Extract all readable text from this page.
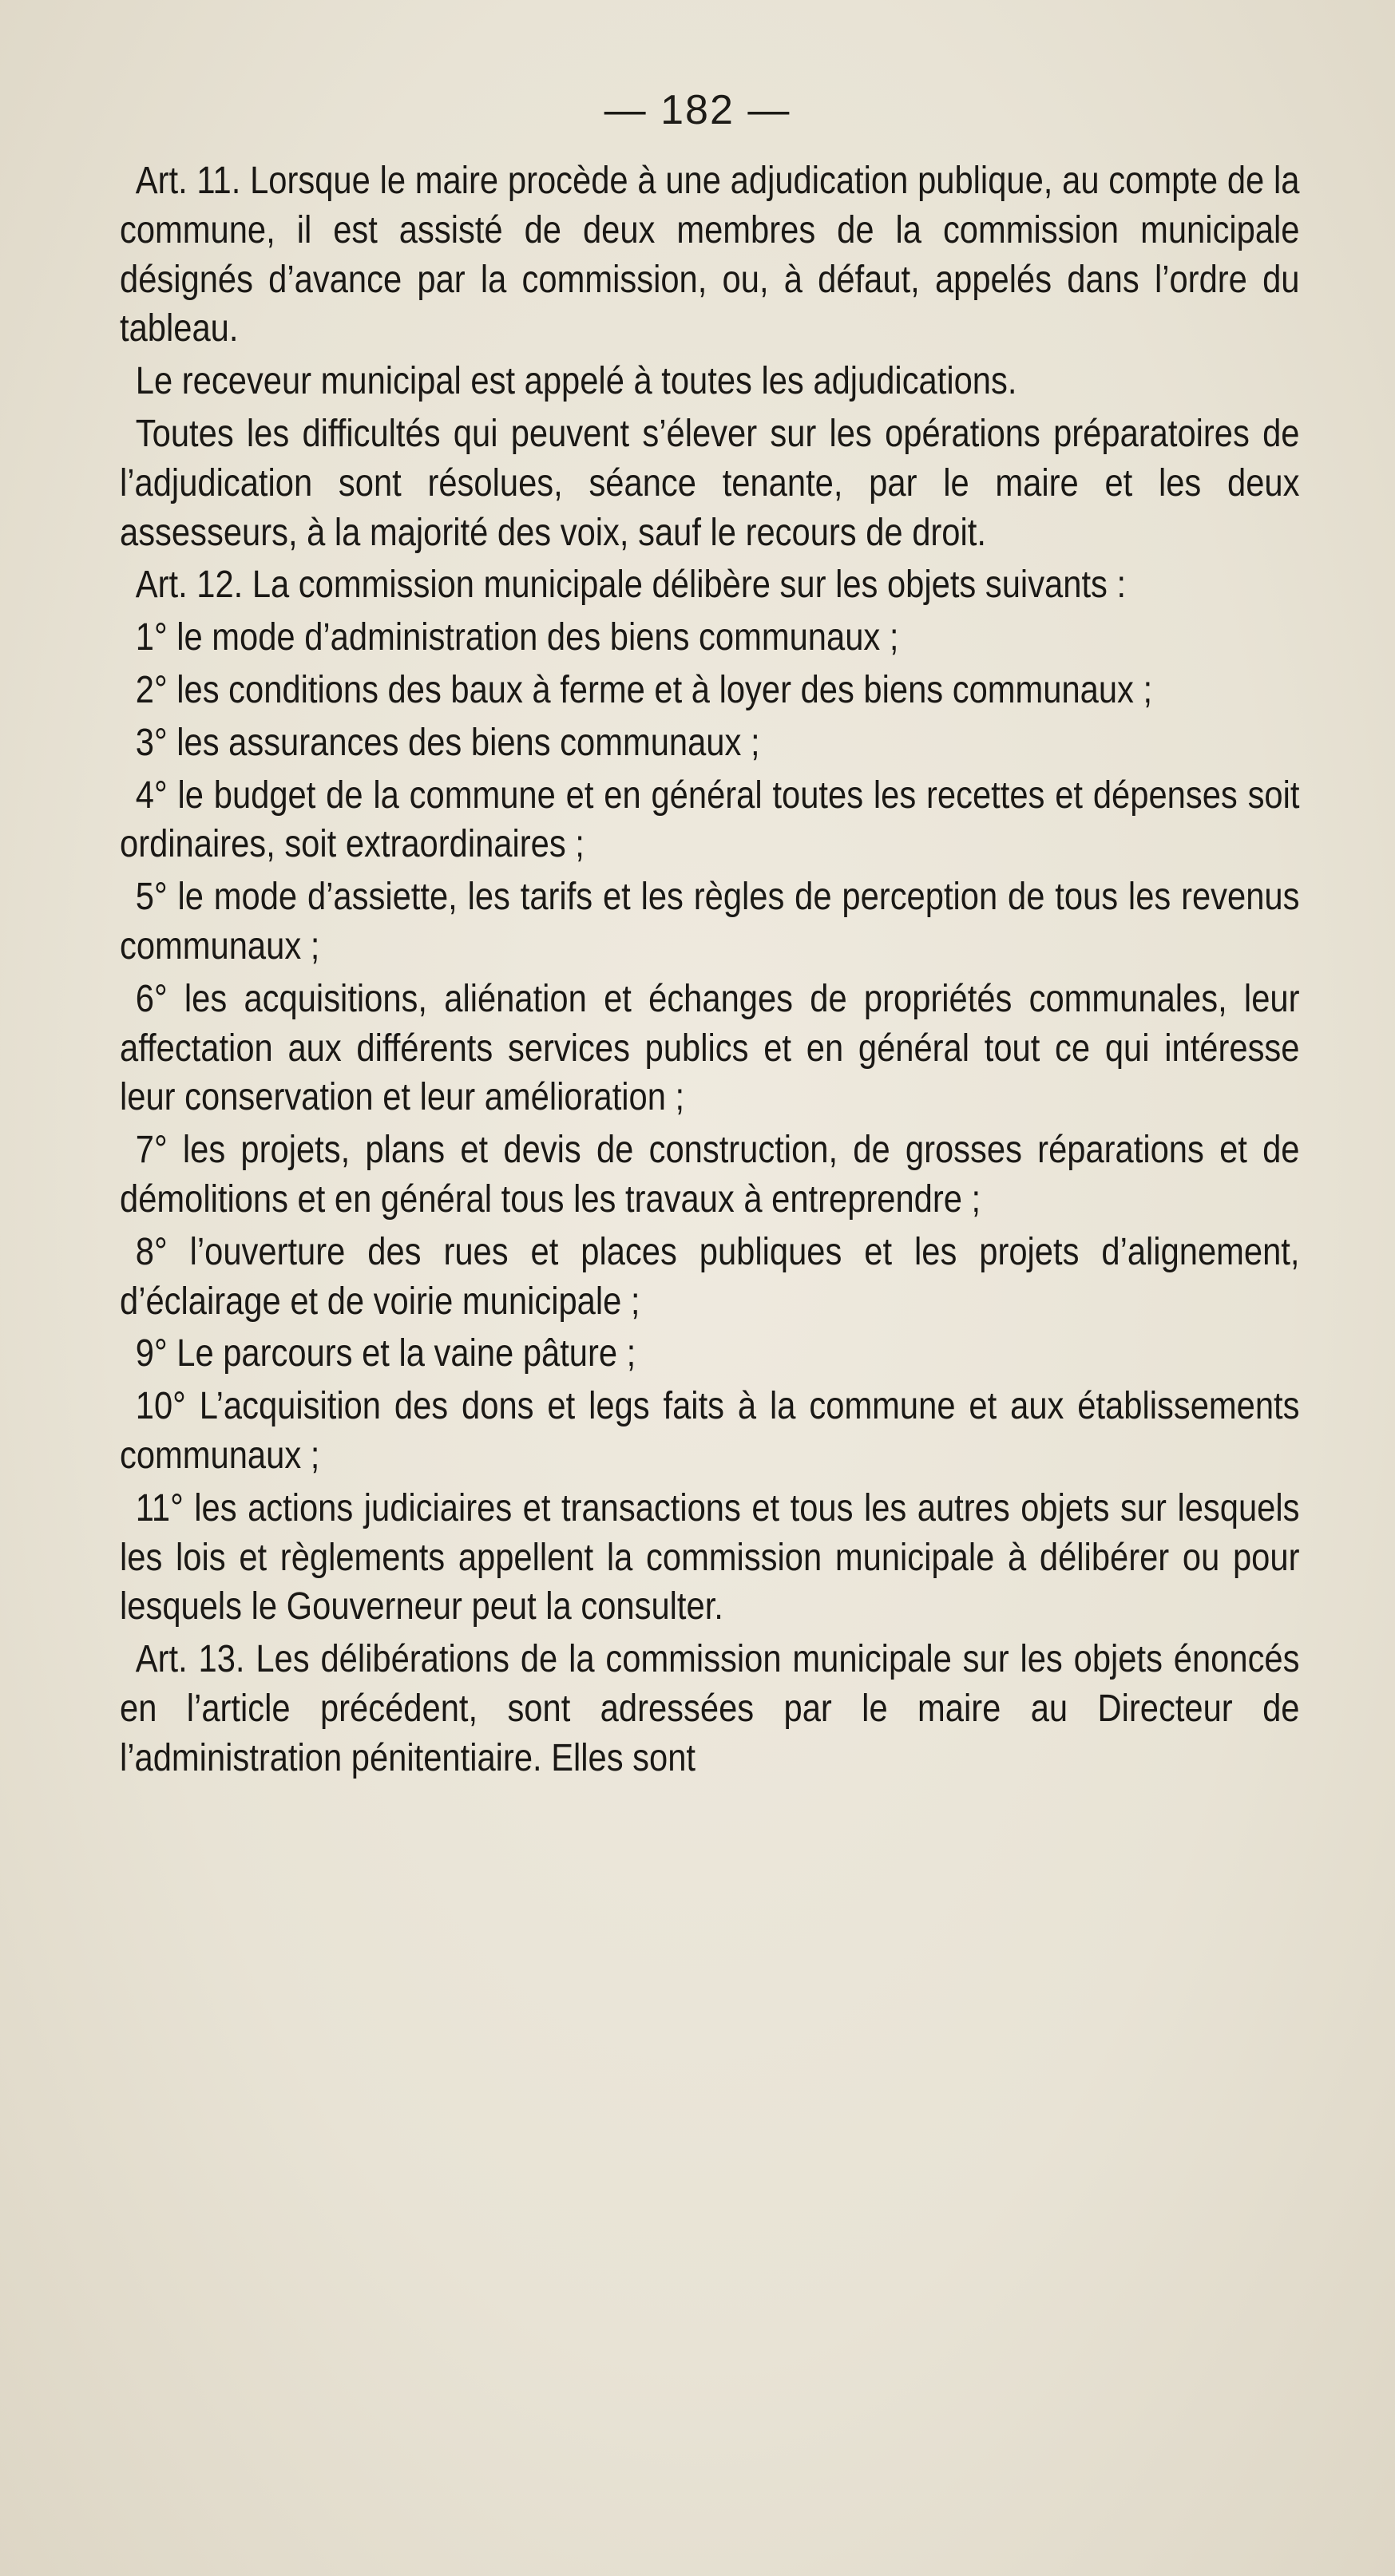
— 182 —

Art. 11. Lorsque le maire procède à une adjudication publique, au compte de la commune, il est assisté de deux membres de la commission municipale désignés d’avance par la commission, ou, à défaut, appelés dans l’ordre du tableau.

Le receveur municipal est appelé à toutes les adjudications.

Toutes les difficultés qui peuvent s’élever sur les opérations préparatoires de l’adjudication sont résolues, séance tenante, par le maire et les deux assesseurs, à la majorité des voix, sauf le recours de droit.

Art. 12. La commission municipale délibère sur les objets suivants :

1° le mode d’administration des biens communaux ;

2° les conditions des baux à ferme et à loyer des biens communaux ;

3° les assurances des biens communaux ;

4° le budget de la commune et en général toutes les recettes et dépenses soit ordinaires, soit extraordinaires ;

5° le mode d’assiette, les tarifs et les règles de perception de tous les revenus communaux ;

6° les acquisitions, aliénation et échanges de propriétés communales, leur affectation aux différents services publics et en général tout ce qui intéresse leur conservation et leur amélioration ;

7° les projets, plans et devis de construction, de grosses réparations et de démolitions et en général tous les travaux à entreprendre ;

8° l’ouverture des rues et places publiques et les projets d’alignement, d’éclairage et de voirie municipale ;

9° Le parcours et la vaine pâture ;

10° L’acquisition des dons et legs faits à la commune et aux établissements communaux ;

11° les actions judiciaires et transactions et tous les autres objets sur lesquels les lois et règlements appellent la commission municipale à délibérer ou pour lesquels le Gouverneur peut la consulter.

Art. 13. Les délibérations de la commission municipale sur les objets énoncés en l’article précédent, sont adressées par le maire au Directeur de l’administration pénitentiaire. Elles sont
